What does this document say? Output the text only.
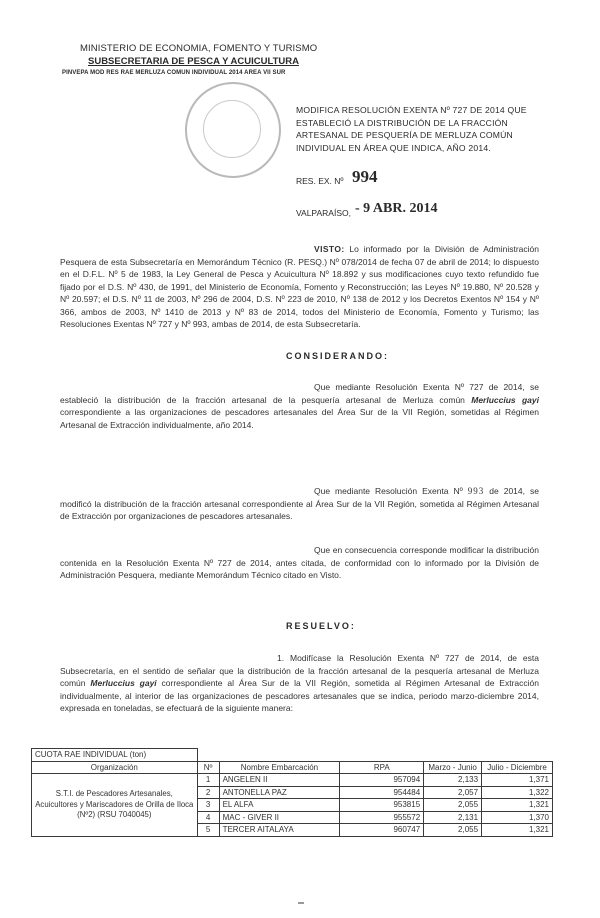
MINISTERIO DE ECONOMIA, FOMENTO Y TURISMO
SUBSECRETARIA DE PESCA Y ACUICULTURA
PINVEPA MOD RES RAE MERLUZA COMUN INDIVIDUAL 2014 AREA VII SUR
MODIFICA RESOLUCIÓN EXENTA Nº 727 DE 2014 QUE ESTABLECIÓ LA DISTRIBUCIÓN DE LA FRACCIÓN ARTESANAL DE PESQUERÍA DE MERLUZA COMÚN INDIVIDUAL EN ÁREA QUE INDICA, AÑO 2014.
RES. EX. Nº 994
VALPARAÍSO, - 9 ABR. 2014
VISTO: Lo informado por la División de Administración Pesquera de esta Subsecretaría en Memorándum Técnico (R. PESQ.) Nº 078/2014 de fecha 07 de abril de 2014; lo dispuesto en el D.F.L. Nº 5 de 1983, la Ley General de Pesca y Acuicultura Nº 18.892 y sus modificaciones cuyo texto refundido fue fijado por el D.S. Nº 430, de 1991, del Ministerio de Economía, Fomento y Reconstrucción; las Leyes Nº 19.880, Nº 20.528 y Nº 20.597; el D.S. Nº 11 de 2003, Nº 296 de 2004, D.S. Nº 223 de 2010, Nº 138 de 2012 y los Decretos Exentos Nº 154 y Nº 366, ambos de 2003, Nº 1410 de 2013 y Nº 83 de 2014, todos del Ministerio de Economía, Fomento y Turismo; las Resoluciones Exentas Nº 727 y Nº 993, ambas de 2014, de esta Subsecretaría.
CONSIDERANDO:
Que mediante Resolución Exenta Nº 727 de 2014, se estableció la distribución de la fracción artesanal de la pesquería artesanal de Merluza común Merluccius gayi correspondiente a las organizaciones de pescadores artesanales del Área Sur de la VII Región, sometidas al Régimen Artesanal de Extracción individualmente, año 2014.
Que mediante Resolución Exenta Nº 993 de 2014, se modificó la distribución de la fracción artesanal correspondiente al Área Sur de la VII Región, sometida al Régimen Artesanal de Extracción por organizaciones de pescadores artesanales.
Que en consecuencia corresponde modificar la distribución contenida en la Resolución Exenta Nº 727 de 2014, antes citada, de conformidad con lo informado por la División de Administración Pesquera, mediante Memorándum Técnico citado en Visto.
RESUELVO:
1. Modifícase la Resolución Exenta Nº 727 de 2014, de esta Subsecretaría, en el sentido de señalar que la distribución de la fracción artesanal de la pesquería artesanal de Merluza común Merluccius gayi correspondiente al Área Sur de la VII Región, sometida al Régimen Artesanal de Extracción individualmente, al interior de las organizaciones de pescadores artesanales que se indica, periodo marzo-diciembre 2014, expresada en toneladas, se efectuará de la siguiente manera:
CUOTA RAE INDIVIDUAL (ton)					
Organización	Nº	Nombre Embarcación	RPA	Marzo - Junio	Julio - Diciembre
S.T.I. de Pescadores Artesanales, Acuicultores y Mariscadores de Orilla de Iloca (Nº2) (RSU 7040045)	1	ANGELEN II	957094	2,133	1,371
	2	ANTONELLA PAZ	954484	2,057	1,322
	3	EL ALFA	953815	2,055	1,321
	4	MAC - GIVER II	955572	2,131	1,370
	5	TERCER AITALAYA	960747	2,055	1,321
